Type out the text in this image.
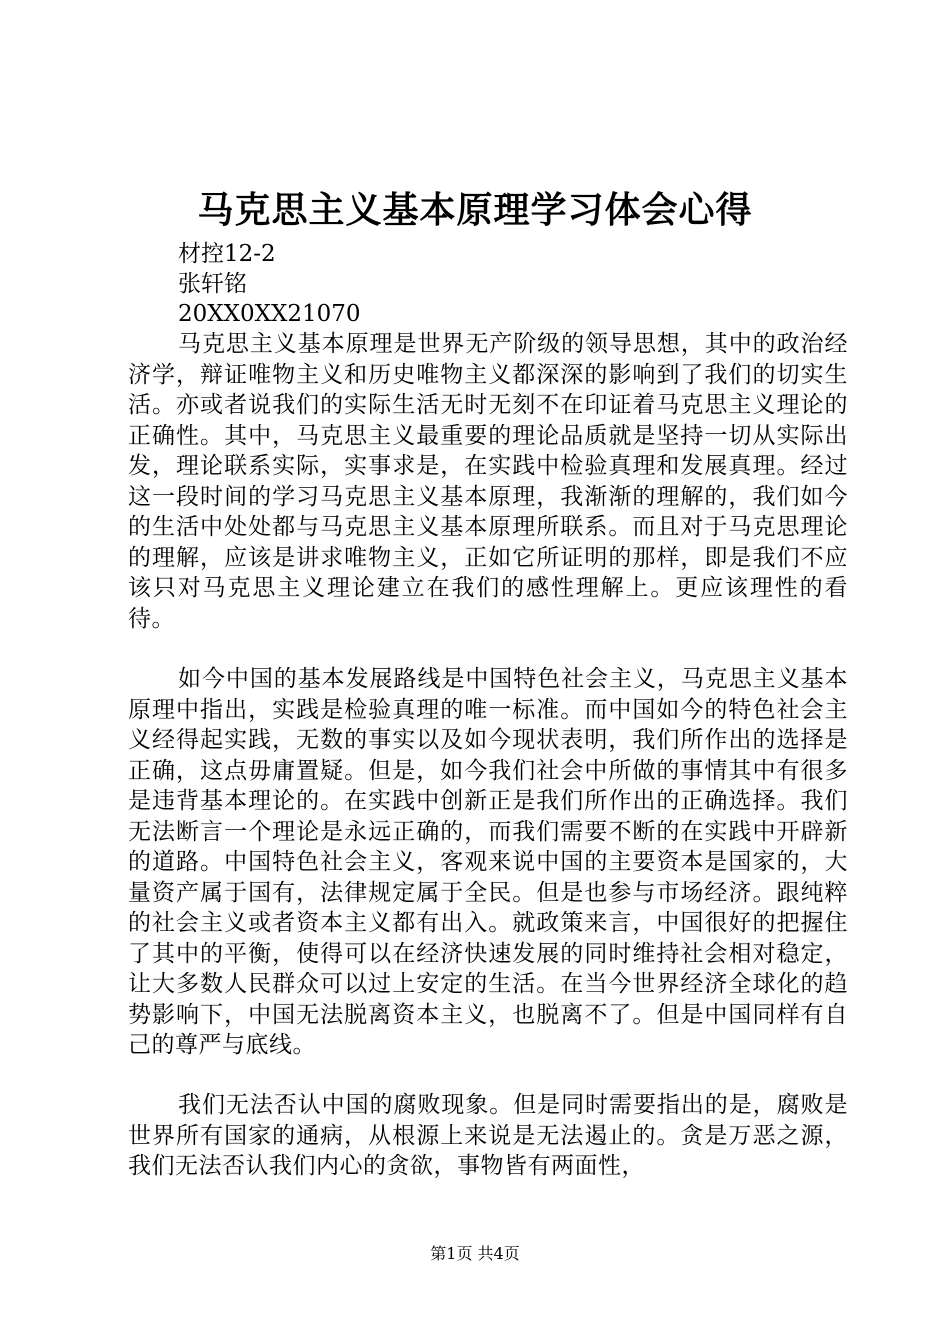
马克思主义基本原理学习体会心得
材控12-2
张轩铭
20XX0XX21070

马克思主义基本原理是世界无产阶级的领导思想，其中的政治经济学，辩证唯物主义和历史唯物主义都深深的影响到了我们的切实生活。亦或者说我们的实际生活无时无刻不在印证着马克思主义理论的正确性。其中，马克思主义最重要的理论品质就是坚持一切从实际出发，理论联系实际，实事求是，在实践中检验真理和发展真理。经过这一段时间的学习马克思主义基本原理，我渐渐的理解的，我们如今的生活中处处都与马克思主义基本原理所联系。而且对于马克思理论的理解，应该是讲求唯物主义，正如它所证明的那样，即是我们不应该只对马克思主义理论建立在我们的感性理解上。更应该理性的看待。

如今中国的基本发展路线是中国特色社会主义，马克思主义基本原理中指出，实践是检验真理的唯一标准。而中国如今的特色社会主义经得起实践，无数的事实以及如今现状表明，我们所作出的选择是正确，这点毋庸置疑。但是，如今我们社会中所做的事情其中有很多是违背基本理论的。在实践中创新正是我们所作出的正确选择。我们无法断言一个理论是永远正确的，而我们需要不断的在实践中开辟新的道路。中国特色社会主义，客观来说中国的主要资本是国家的，大量资产属于国有，法律规定属于全民。但是也参与市场经济。跟纯粹的社会主义或者资本主义都有出入。就政策来言，中国很好的把握住了其中的平衡，使得可以在经济快速发展的同时维持社会相对稳定，让大多数人民群众可以过上安定的生活。在当今世界经济全球化的趋势影响下，中国无法脱离资本主义，也脱离不了。但是中国同样有自己的尊严与底线。

我们无法否认中国的腐败现象。但是同时需要指出的是，腐败是世界所有国家的通病，从根源上来说是无法遏止的。贪是万恶之源，我们无法否认我们内心的贪欲，事物皆有两面性，

第1页 共4页
